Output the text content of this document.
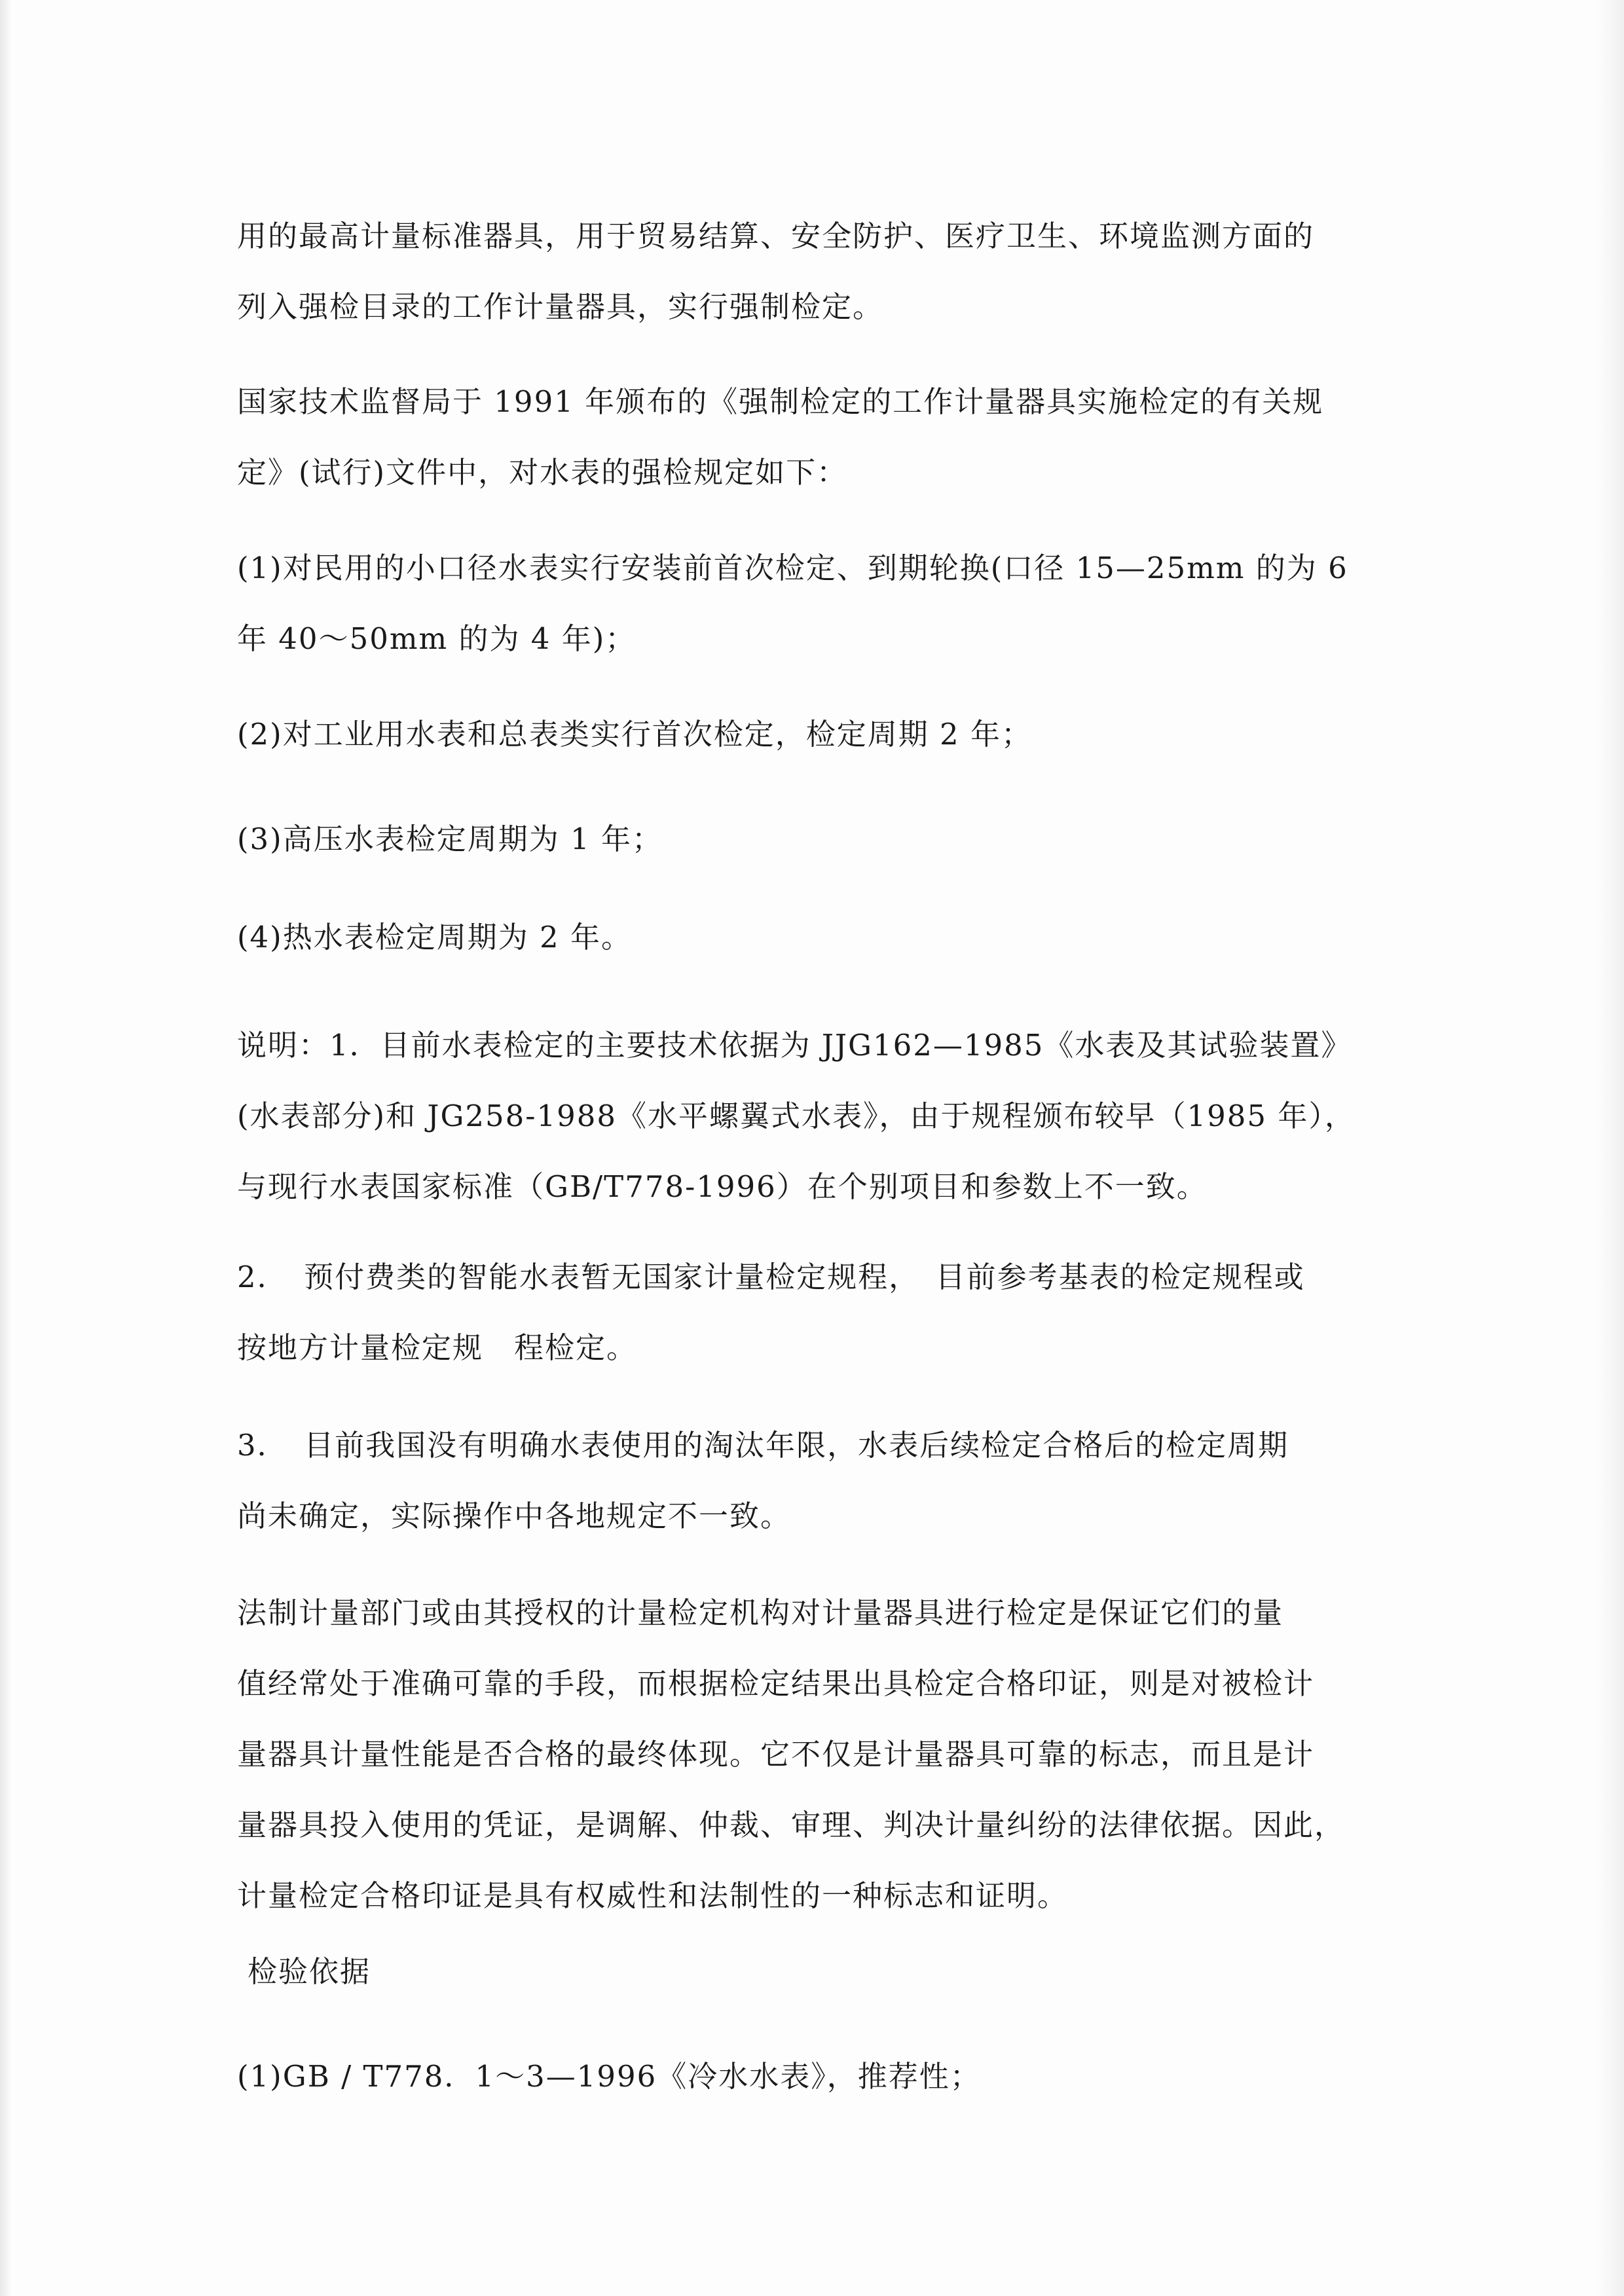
用的最高计量标准器具，用于贸易结算、安全防护、医疗卫生、环境监测方面的
列入强检目录的工作计量器具，实行强制检定。
国家技术监督局于 1991 年颁布的《强制检定的工作计量器具实施检定的有关规
定》(试行)文件中，对水表的强检规定如下：
(1)对民用的小口径水表实行安装前首次检定、到期轮换(口径 15—25mm 的为 6
年 40～50mm 的为 4 年)；
(2)对工业用水表和总表类实行首次检定，检定周期 2 年；
(3)高压水表检定周期为 1 年；
(4)热水表检定周期为 2 年。
说明：1．目前水表检定的主要技术依据为 JJG162—1985《水表及其试验装置》
(水表部分)和 JG258-1988《水平螺翼式水表》，由于规程颁布较早（1985 年），
与现行水表国家标准（GB/T778-1996）在个别项目和参数上不一致。
2．　预付费类的智能水表暂无国家计量检定规程，　目前参考基表的检定规程或
按地方计量检定规　程检定。
3．　目前我国没有明确水表使用的淘汰年限，水表后续检定合格后的检定周期
尚未确定，实际操作中各地规定不一致。
法制计量部门或由其授权的计量检定机构对计量器具进行检定是保证它们的量
值经常处于准确可靠的手段，而根据检定结果出具检定合格印证，则是对被检计
量器具计量性能是否合格的最终体现。它不仅是计量器具可靠的标志，而且是计
量器具投入使用的凭证，是调解、仲裁、审理、判决计量纠纷的法律依据。因此，
计量检定合格印证是具有权威性和法制性的一种标志和证明。
检验依据
(1)GB / T778．1～3—1996《冷水水表》，推荐性；
